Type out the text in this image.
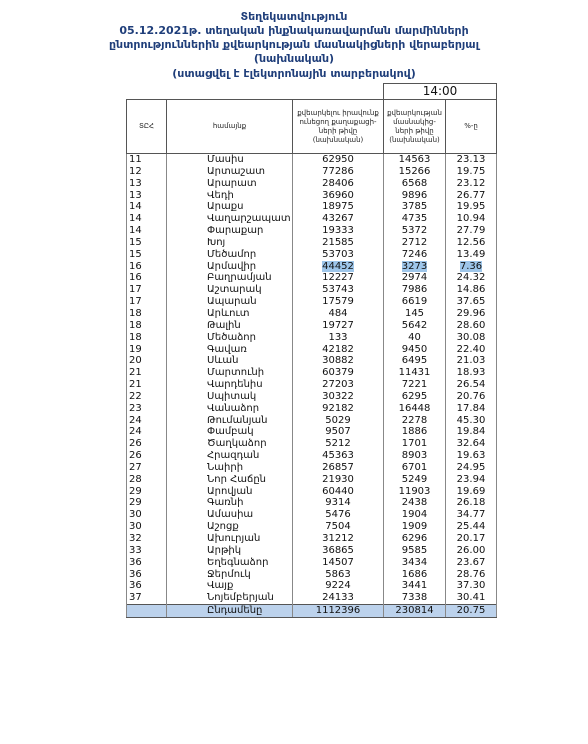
Տեղեկատվություն
05.12.2021թ. տեղական ինքնակառավարման մարմինների
ընտրություններին քվեարկության մասնակիցների վերաբերյալ
(նախնական)
(ստացվել է էլեկտրոնային տարբերակով)
14:00
ՏԸՀ	համայնք	քվեարկելու իրավունք ունեցող քաղաքացի-ների թիվը (նախնական)	քվեարկության մասնակից-ների թիվը (նախնական)	%-ը
11	Մասիս	62950	14563	23.13
12	Արտաշատ	77286	15266	19.75
13	Արարատ	28406	6568	23.12
13	Վեդի	36960	9896	26.77
14	Արաքս	18975	3785	19.95
14	Վաղարշապատ	43267	4735	10.94
14	Փարաքար	19333	5372	27.79
15	Խոյ	21585	2712	12.56
15	Մեծամոր	53703	7246	13.49
16	Արմավիր	44452	3273	7.36
16	Բաղրամյան	12227	2974	24.32
17	Աշտարակ	53743	7986	14.86
17	Ապարան	17579	6619	37.65
18	Արևուտ	484	145	29.96
18	Թալին	19727	5642	28.60
18	Մեծաձոր	133	40	30.08
19	Գավառ	42182	9450	22.40
20	Սևան	30882	6495	21.03
21	Մարտունի	60379	11431	18.93
21	Վարդենիս	27203	7221	26.54
22	Սպիտակ	30322	6295	20.76
23	Վանաձոր	92182	16448	17.84
24	Թումանյան	5029	2278	45.30
24	Փամբակ	9507	1886	19.84
26	Ծաղկաձոր	5212	1701	32.64
26	Հրազդան	45363	8903	19.63
27	Նաիրի	26857	6701	24.95
28	Նոր Հաճըն	21930	5249	23.94
29	Արովյան	60440	11903	19.69
29	Գառնի	9314	2438	26.18
30	Ամասիա	5476	1904	34.77
30	Աշոցք	7504	1909	25.44
32	Ախուրյան	31212	6296	20.17
33	Արթիկ	36865	9585	26.00
36	Եղեգնաձոր	14507	3434	23.67
36	Ջերմուկ	5863	1686	28.76
36	Վայք	9224	3441	37.30
37	Նոյեմբերյան	24133	7338	30.41
	Ընդամենը	1112396	230814	20.75
